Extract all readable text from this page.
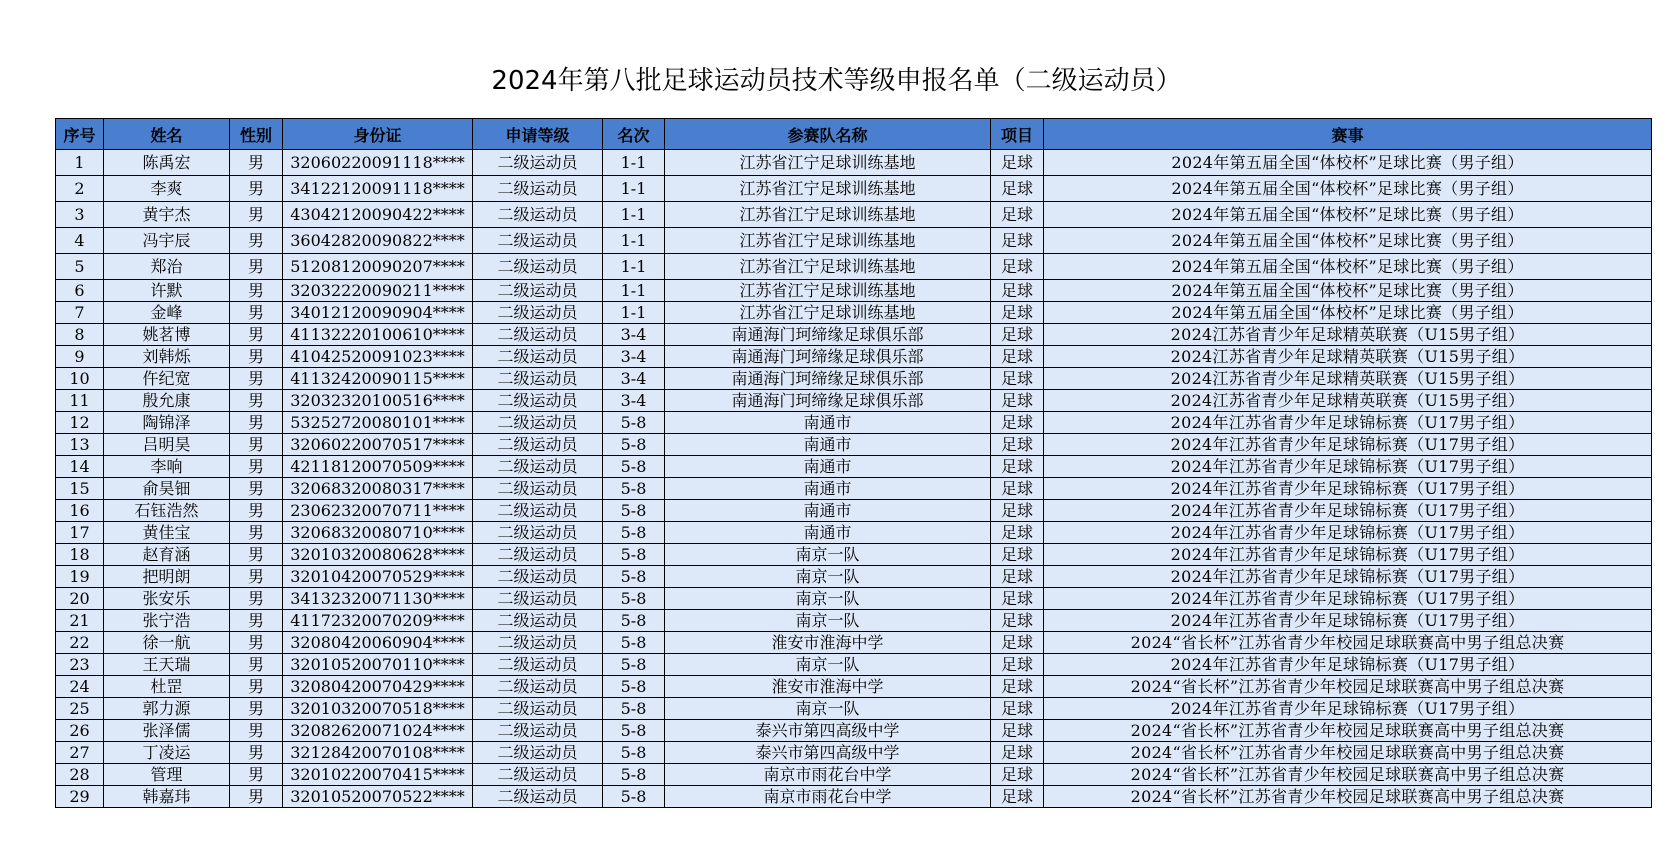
2024年第八批足球运动员技术等级申报名单（二级运动员）
序号	姓名	性别	身份证	申请等级	名次	参赛队名称	项目	赛事
1	陈禹宏	男	32060220091118****	二级运动员	1-1	江苏省江宁足球训练基地	足球	2024年第五届全国“体校杯”足球比赛（男子组）
2	李爽	男	34122120091118****	二级运动员	1-1	江苏省江宁足球训练基地	足球	2024年第五届全国“体校杯”足球比赛（男子组）
3	黄宇杰	男	43042120090422****	二级运动员	1-1	江苏省江宁足球训练基地	足球	2024年第五届全国“体校杯”足球比赛（男子组）
4	冯宇辰	男	36042820090822****	二级运动员	1-1	江苏省江宁足球训练基地	足球	2024年第五届全国“体校杯”足球比赛（男子组）
5	郑治	男	51208120090207****	二级运动员	1-1	江苏省江宁足球训练基地	足球	2024年第五届全国“体校杯”足球比赛（男子组）
6	许默	男	32032220090211****	二级运动员	1-1	江苏省江宁足球训练基地	足球	2024年第五届全国“体校杯”足球比赛（男子组）
7	金峰	男	34012120090904****	二级运动员	1-1	江苏省江宁足球训练基地	足球	2024年第五届全国“体校杯”足球比赛（男子组）
8	姚茗博	男	41132220100610****	二级运动员	3-4	南通海门珂缔缘足球俱乐部	足球	2024江苏省青少年足球精英联赛（U15男子组）
9	刘韩烁	男	41042520091023****	二级运动员	3-4	南通海门珂缔缘足球俱乐部	足球	2024江苏省青少年足球精英联赛（U15男子组）
10	仵纪宽	男	41132420090115****	二级运动员	3-4	南通海门珂缔缘足球俱乐部	足球	2024江苏省青少年足球精英联赛（U15男子组）
11	殷允康	男	32032320100516****	二级运动员	3-4	南通海门珂缔缘足球俱乐部	足球	2024江苏省青少年足球精英联赛（U15男子组）
12	陶锦泽	男	53252720080101****	二级运动员	5-8	南通市	足球	2024年江苏省青少年足球锦标赛（U17男子组）
13	吕明昊	男	32060220070517****	二级运动员	5-8	南通市	足球	2024年江苏省青少年足球锦标赛（U17男子组）
14	李响	男	42118120070509****	二级运动员	5-8	南通市	足球	2024年江苏省青少年足球锦标赛（U17男子组）
15	俞昊钿	男	32068320080317****	二级运动员	5-8	南通市	足球	2024年江苏省青少年足球锦标赛（U17男子组）
16	石钰浩然	男	23062320070711****	二级运动员	5-8	南通市	足球	2024年江苏省青少年足球锦标赛（U17男子组）
17	黄佳宝	男	32068320080710****	二级运动员	5-8	南通市	足球	2024年江苏省青少年足球锦标赛（U17男子组）
18	赵育涵	男	32010320080628****	二级运动员	5-8	南京一队	足球	2024年江苏省青少年足球锦标赛（U17男子组）
19	把明朗	男	32010420070529****	二级运动员	5-8	南京一队	足球	2024年江苏省青少年足球锦标赛（U17男子组）
20	张安乐	男	34132320071130****	二级运动员	5-8	南京一队	足球	2024年江苏省青少年足球锦标赛（U17男子组）
21	张宁浩	男	41172320070209****	二级运动员	5-8	南京一队	足球	2024年江苏省青少年足球锦标赛（U17男子组）
22	徐一航	男	32080420060904****	二级运动员	5-8	淮安市淮海中学	足球	2024“省长杯”江苏省青少年校园足球联赛高中男子组总决赛
23	王天瑞	男	32010520070110****	二级运动员	5-8	南京一队	足球	2024年江苏省青少年足球锦标赛（U17男子组）
24	杜罡	男	32080420070429****	二级运动员	5-8	淮安市淮海中学	足球	2024“省长杯”江苏省青少年校园足球联赛高中男子组总决赛
25	郭力源	男	32010320070518****	二级运动员	5-8	南京一队	足球	2024年江苏省青少年足球锦标赛（U17男子组）
26	张泽儒	男	32082620071024****	二级运动员	5-8	泰兴市第四高级中学	足球	2024“省长杯”江苏省青少年校园足球联赛高中男子组总决赛
27	丁凌运	男	32128420070108****	二级运动员	5-8	泰兴市第四高级中学	足球	2024“省长杯”江苏省青少年校园足球联赛高中男子组总决赛
28	管理	男	32010220070415****	二级运动员	5-8	南京市雨花台中学	足球	2024“省长杯”江苏省青少年校园足球联赛高中男子组总决赛
29	韩嘉玮	男	32010520070522****	二级运动员	5-8	南京市雨花台中学	足球	2024“省长杯”江苏省青少年校园足球联赛高中男子组总决赛
